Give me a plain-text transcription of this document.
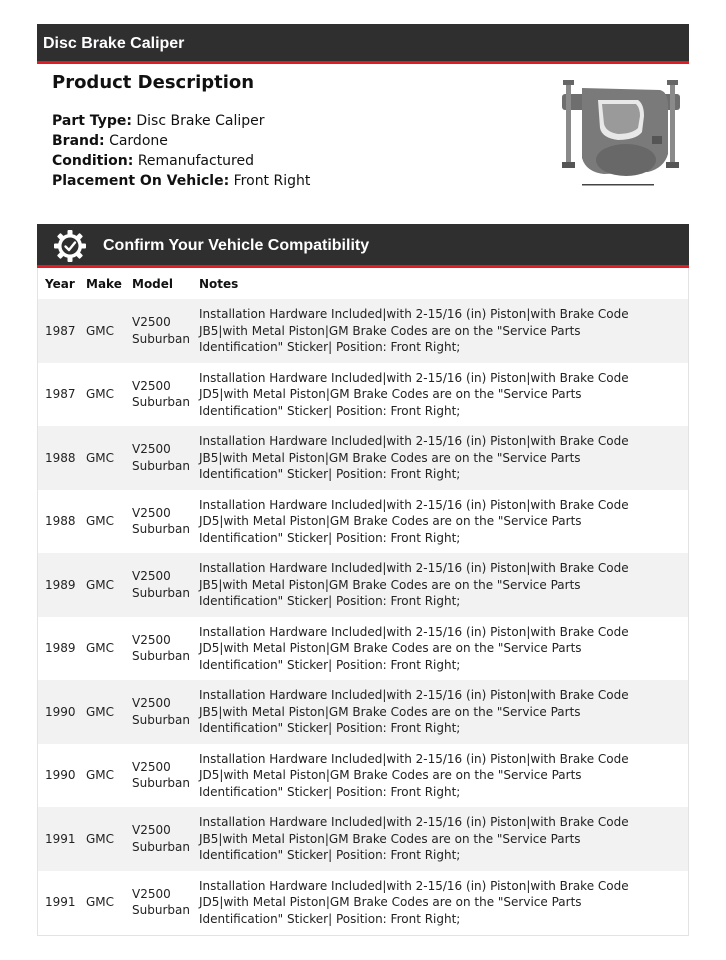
Disc Brake Caliper
Product Description
Part Type: Disc Brake Caliper
Brand: Cardone
Condition: Remanufactured
Placement On Vehicle: Front Right
Confirm Your Vehicle Compatibility
Year	Make	Model	Notes
1987	GMC	V2500 Suburban	Installation Hardware Included|with 2-15/16 (in) Piston|with Brake Code JB5|with Metal Piston|GM Brake Codes are on the "Service Parts Identification" Sticker| Position: Front Right;
1987	GMC	V2500 Suburban	Installation Hardware Included|with 2-15/16 (in) Piston|with Brake Code JD5|with Metal Piston|GM Brake Codes are on the "Service Parts Identification" Sticker| Position: Front Right;
1988	GMC	V2500 Suburban	Installation Hardware Included|with 2-15/16 (in) Piston|with Brake Code JB5|with Metal Piston|GM Brake Codes are on the "Service Parts Identification" Sticker| Position: Front Right;
1988	GMC	V2500 Suburban	Installation Hardware Included|with 2-15/16 (in) Piston|with Brake Code JD5|with Metal Piston|GM Brake Codes are on the "Service Parts Identification" Sticker| Position: Front Right;
1989	GMC	V2500 Suburban	Installation Hardware Included|with 2-15/16 (in) Piston|with Brake Code JB5|with Metal Piston|GM Brake Codes are on the "Service Parts Identification" Sticker| Position: Front Right;
1989	GMC	V2500 Suburban	Installation Hardware Included|with 2-15/16 (in) Piston|with Brake Code JD5|with Metal Piston|GM Brake Codes are on the "Service Parts Identification" Sticker| Position: Front Right;
1990	GMC	V2500 Suburban	Installation Hardware Included|with 2-15/16 (in) Piston|with Brake Code JB5|with Metal Piston|GM Brake Codes are on the "Service Parts Identification" Sticker| Position: Front Right;
1990	GMC	V2500 Suburban	Installation Hardware Included|with 2-15/16 (in) Piston|with Brake Code JD5|with Metal Piston|GM Brake Codes are on the "Service Parts Identification" Sticker| Position: Front Right;
1991	GMC	V2500 Suburban	Installation Hardware Included|with 2-15/16 (in) Piston|with Brake Code JB5|with Metal Piston|GM Brake Codes are on the "Service Parts Identification" Sticker| Position: Front Right;
1991	GMC	V2500 Suburban	Installation Hardware Included|with 2-15/16 (in) Piston|with Brake Code JD5|with Metal Piston|GM Brake Codes are on the "Service Parts Identification" Sticker| Position: Front Right;
